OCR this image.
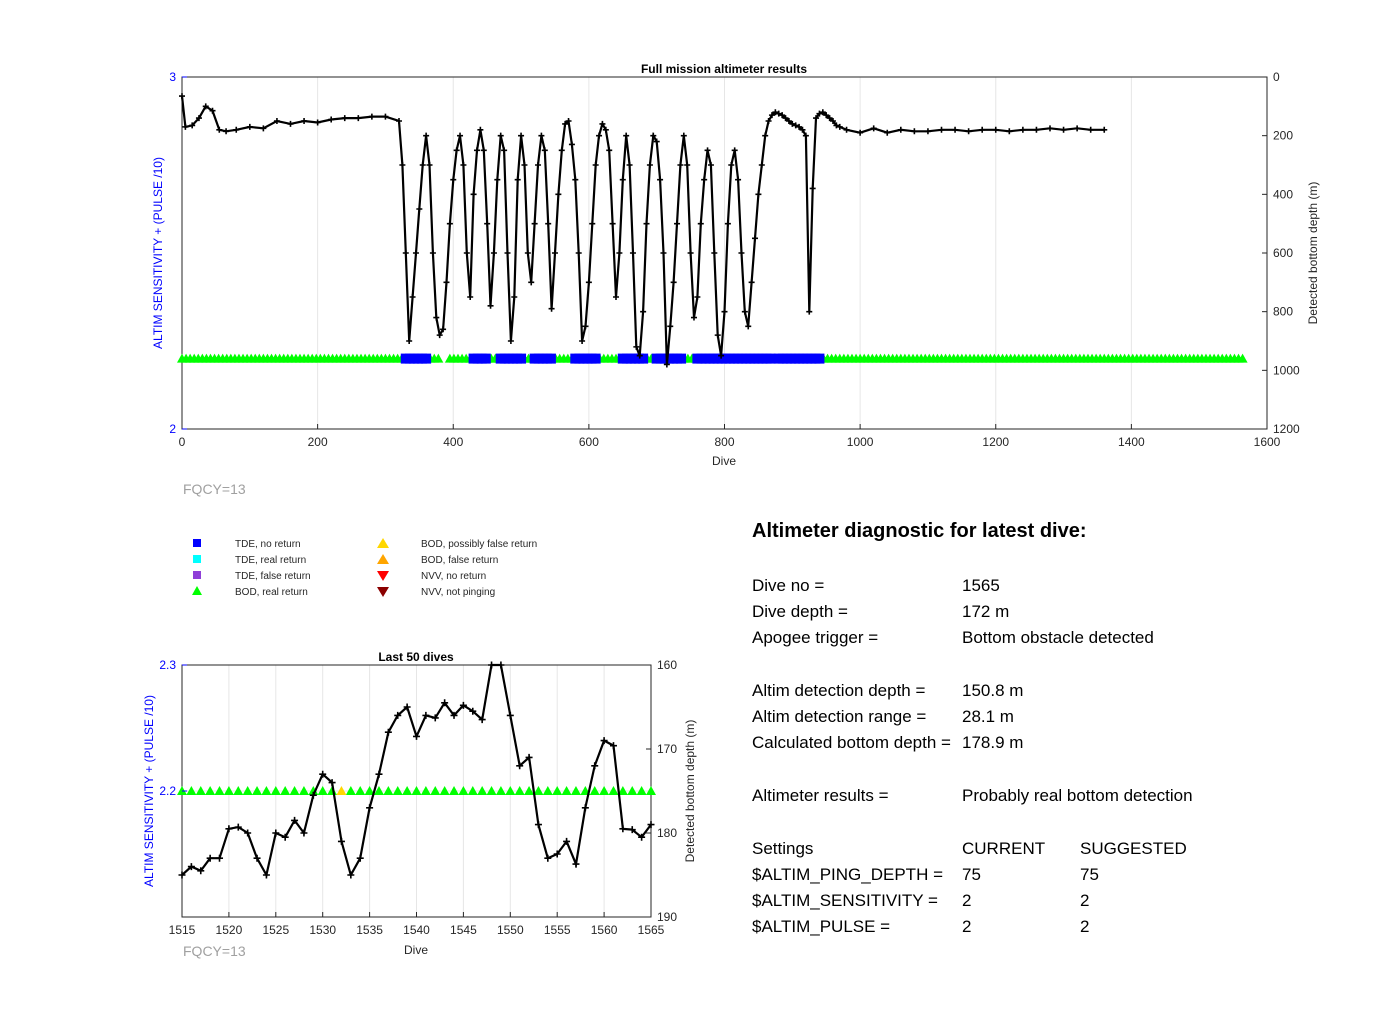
0	200	400	600	800	1000	1200	1400	1600
0
200
400
600
800
1000
1200
2
3
Full mission altimeter results
Dive
ALTIM SENSITIVITY + (PULSE /10)	Detected bottom depth (m)
FQCY=13
TDE, no return
TDE, real return
TDE, false return
BOD, real return
BOD, possibly false return
BOD, false return
NVV, no return
NVV, not pinging
1515 1520 1525 1530 1535 1540 1545 1550 1555 1560 1565
160
170
180
190
2.2
2.3
Last 50 dives
Dive
ALTIM SENSITIVITY + (PULSE /10)	Detected bottom depth (m)
FQCY=13
Altimeter diagnostic for latest dive:
Dive no =	1565
Dive depth =	172 m
Apogee trigger =	Bottom obstacle detected
Altim detection depth = 150.8 m
Altim detection range = 28.1 m
Calculated bottom depth = 178.9 m
Altimeter results =	Probably real bottom detection
Settings	CURRENT SUGGESTED
$ALTIM_PING_DEPTH = 75	75
$ALTIM_SENSITIVITY = 2	2
$ALTIM_PULSE =	2	2
